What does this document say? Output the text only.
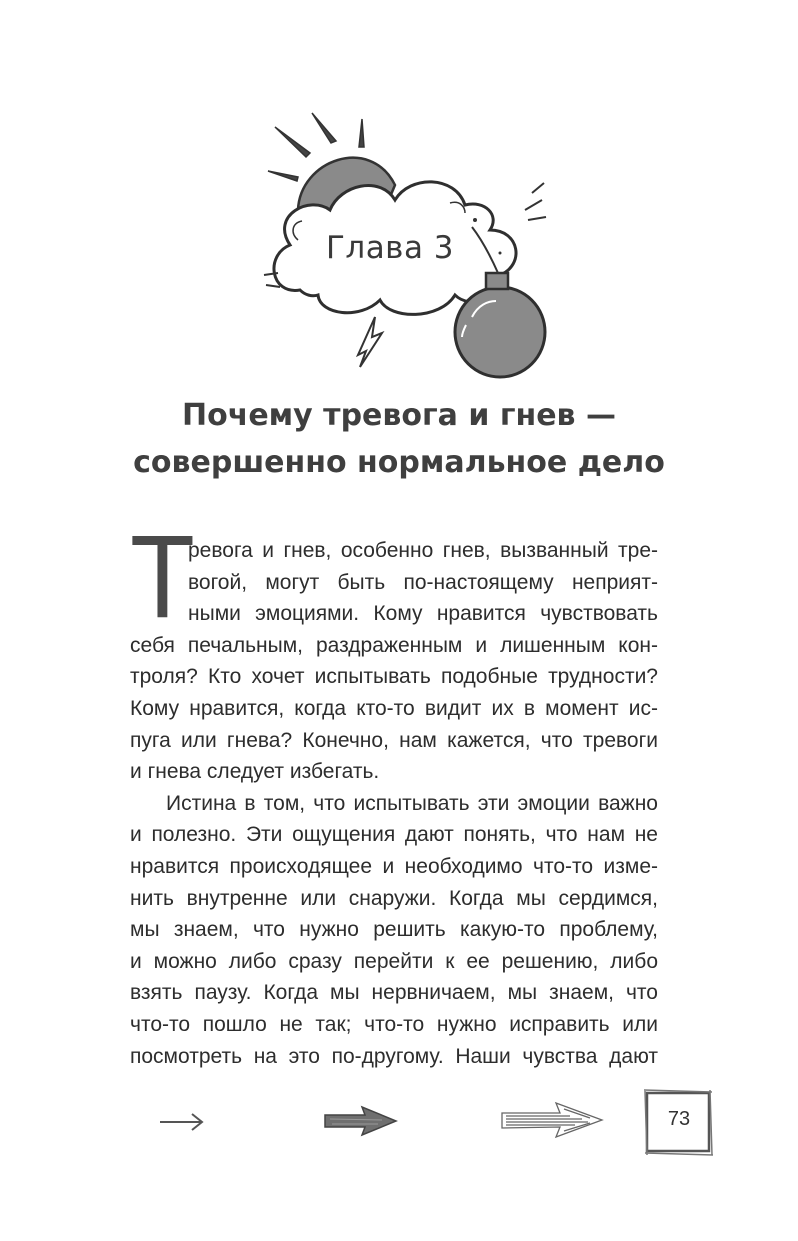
Глава 3
Почему тревога и гнев —
совершенно нормальное дело
Т

ревога и гнев, особенно гнев, вызванный тре-

вогой, могут быть по-настоящему неприят-

ными эмоциями. Кому нравится чувствовать

себя печальным, раздраженным и лишенным кон-

троля? Кто хочет испытывать подобные трудности?

Кому нравится, когда кто-то видит их в момент ис-

пуга или гнева? Конечно, нам кажется, что тревоги

и гнева следует избегать.

Истина в том, что испытывать эти эмоции важно

и полезно. Эти ощущения дают понять, что нам не

нравится происходящее и необходимо что-то изме-

нить внутренне или снаружи. Когда мы сердимся,

мы знаем, что нужно решить какую-то проблему,

и можно либо сразу перейти к ее решению, либо

взять паузу. Когда мы нервничаем, мы знаем, что

что-то пошло не так; что-то нужно исправить или

посмотреть на это по-другому. Наши чувства дают

73
